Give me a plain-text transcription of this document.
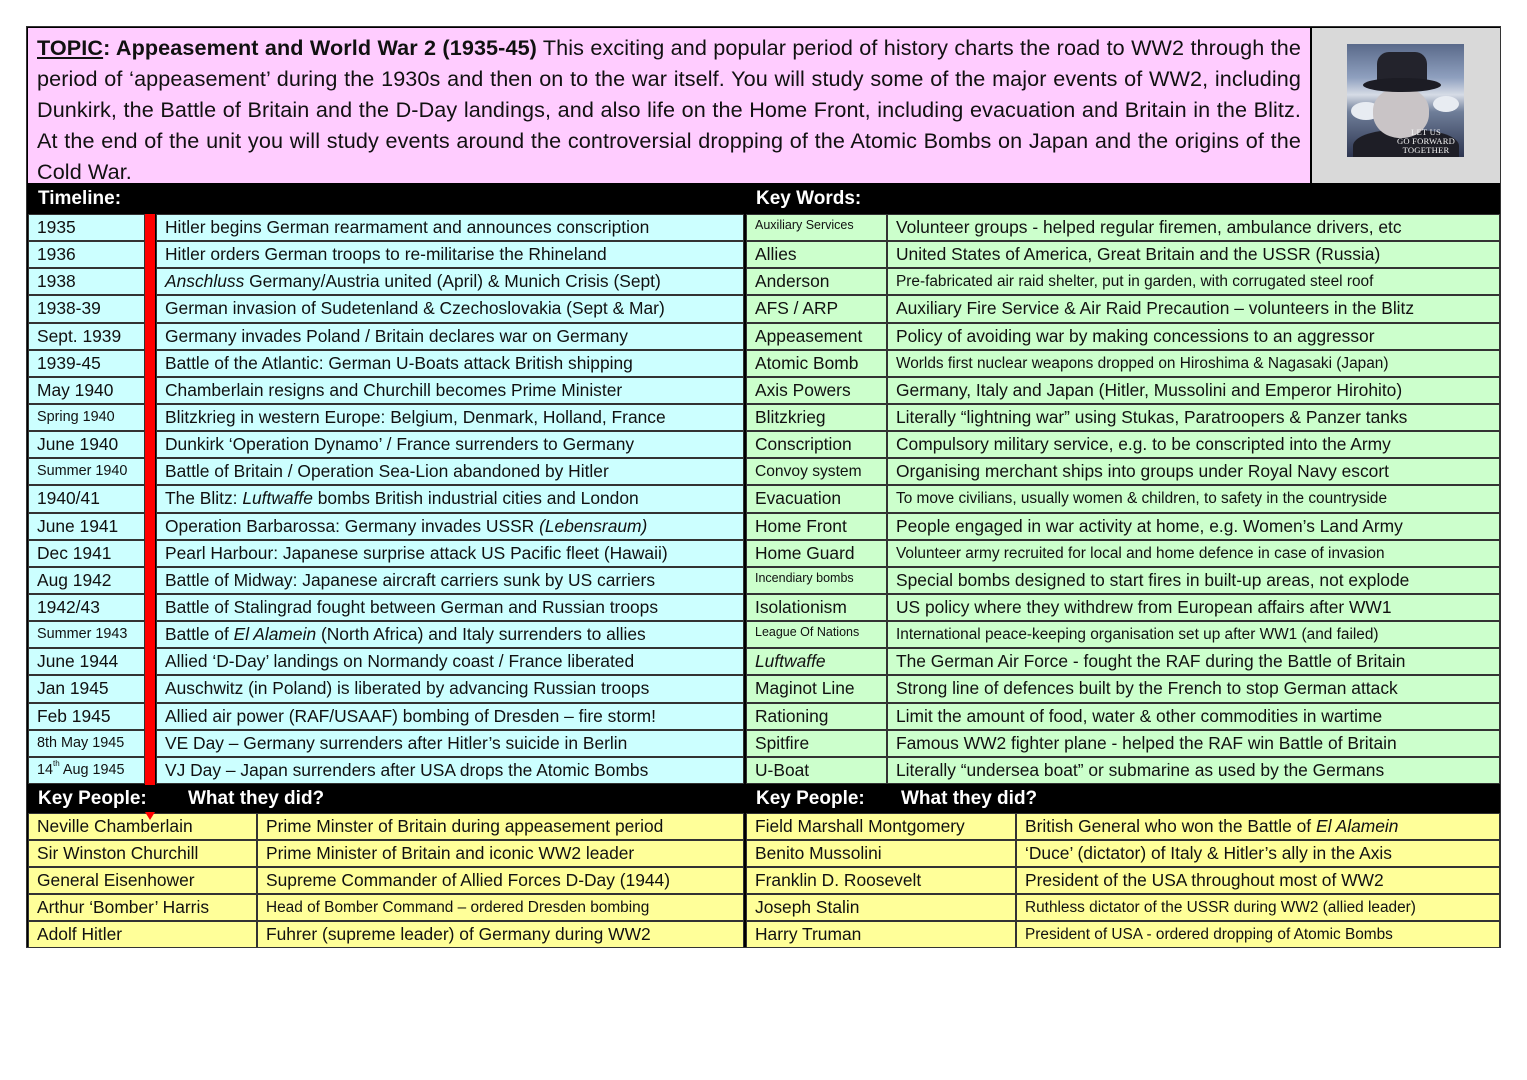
TOPIC: Appeasement and World War 2 (1935-45) This exciting and popular period of history charts the road to WW2 through the period of ‘appeasement’ during the 1930s and then on to the war itself. You will study some of the major events of WW2, including Dunkirk, the Battle of Britain and the D-Day landings, and also life on the Home Front, including evacuation and Britain in the Blitz. At the end of the unit you will study events around the controversial dropping of the Atomic Bombs on Japan and the origins of the Cold War.
LET US
GO FORWARD
TOGETHER
Timeline:	Key Words:
1935	Hitler begins German rearmament and announces conscription
1936	Hitler orders German troops to re-militarise the Rhineland
1938	Anschluss Germany/Austria united (April) & Munich Crisis (Sept)
1938-39	German invasion of Sudetenland & Czechoslovakia (Sept & Mar)
Sept. 1939	Germany invades Poland / Britain declares war on Germany
1939-45	Battle of the Atlantic: German U-Boats attack British shipping
May 1940	Chamberlain resigns and Churchill becomes Prime Minister
Spring 1940	Blitzkrieg in western Europe: Belgium, Denmark, Holland, France
June 1940	Dunkirk ‘Operation Dynamo’ / France surrenders to Germany
Summer 1940	Battle of Britain / Operation Sea-Lion abandoned by Hitler
1940/41	The Blitz: Luftwaffe bombs British industrial cities and London
June 1941	Operation Barbarossa: Germany invades USSR (Lebensraum)
Dec 1941	Pearl Harbour: Japanese surprise attack US Pacific fleet (Hawaii)
Aug 1942	Battle of Midway: Japanese aircraft carriers sunk by US carriers
1942/43	Battle of Stalingrad fought between German and Russian troops
Summer 1943	Battle of El Alamein (North Africa) and Italy surrenders to allies
June 1944	Allied ‘D-Day’ landings on Normandy coast / France liberated
Jan 1945	Auschwitz (in Poland) is liberated by advancing Russian troops
Feb 1945	Allied air power (RAF/USAAF) bombing of Dresden – fire storm!
8th May 1945	VE Day – Germany surrenders after Hitler’s suicide in Berlin
14th Aug 1945	VJ Day – Japan surrenders after USA drops the Atomic Bombs
Auxiliary Services	Volunteer groups - helped regular firemen, ambulance drivers, etc
Allies	United States of America, Great Britain and the USSR (Russia)
Anderson	Pre-fabricated air raid shelter, put in garden, with corrugated steel roof
AFS / ARP	Auxiliary Fire Service & Air Raid Precaution – volunteers in the Blitz
Appeasement	Policy of avoiding war by making concessions to an aggressor
Atomic Bomb	Worlds first nuclear weapons dropped on Hiroshima & Nagasaki (Japan)
Axis Powers	Germany, Italy and Japan (Hitler, Mussolini and Emperor Hirohito)
Blitzkrieg	Literally “lightning war” using Stukas, Paratroopers & Panzer tanks
Conscription	Compulsory military service, e.g. to be conscripted into the Army
Convoy system	Organising merchant ships into groups under Royal Navy escort
Evacuation	To move civilians, usually women & children, to safety in the countryside
Home Front	People engaged in war activity at home, e.g. Women’s Land Army
Home Guard	Volunteer army recruited for local and home defence in case of invasion
Incendiary bombs	Special bombs designed to start fires in built-up areas, not explode
Isolationism	US policy where they withdrew from European affairs after WW1
League Of Nations	International peace-keeping organisation set up after WW1 (and failed)
Luftwaffe	The German Air Force - fought the RAF during the Battle of Britain
Maginot Line	Strong line of defences built by the French to stop German attack
Rationing	Limit the amount of food, water & other commodities in wartime
Spitfire	Famous WW2 fighter plane - helped the RAF win Battle of Britain
U-Boat	Literally “undersea boat” or submarine as used by the Germans
Neville Chamberlain	Prime Minster of Britain during appeasement period
Sir Winston Churchill	Prime Minister of Britain and iconic WW2 leader
General Eisenhower	Supreme Commander of Allied Forces D-Day (1944)
Arthur ‘Bomber’ Harris	Head of Bomber Command – ordered Dresden bombing
Adolf Hitler	Fuhrer (supreme leader) of Germany during WW2
Field Marshall Montgomery	British General who won the Battle of El Alamein
Benito Mussolini	‘Duce’ (dictator) of Italy & Hitler’s ally in the Axis
Franklin D. Roosevelt	President of the USA throughout most of WW2
Joseph Stalin	Ruthless dictator of the USSR during WW2 (allied leader)
Harry Truman	President of USA - ordered dropping of Atomic Bombs
Key People: What they did?	Key People: What they did?
